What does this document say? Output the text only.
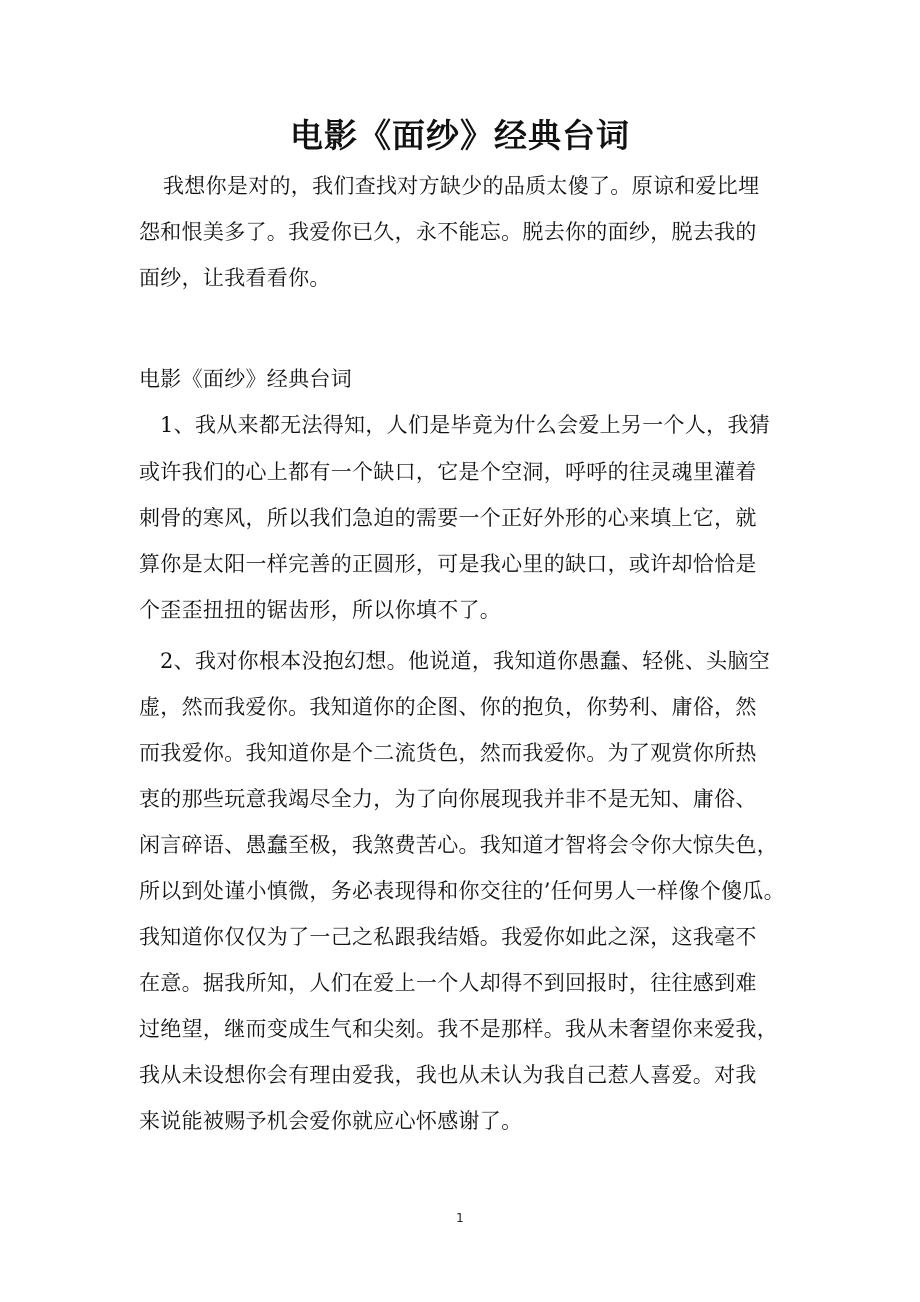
电影《面纱》经典台词
我想你是对的，我们查找对方缺少的品质太傻了。原谅和爱比埋
怨和恨美多了。我爱你已久，永不能忘。脱去你的面纱，脱去我的
面纱，让我看看你。
电影《面纱》经典台词
1、我从来都无法得知，人们是毕竟为什么会爱上另一个人，我猜
或许我们的心上都有一个缺口，它是个空洞，呼呼的往灵魂里灌着
刺骨的寒风，所以我们急迫的需要一个正好外形的心来填上它，就
算你是太阳一样完善的正圆形，可是我心里的缺口，或许却恰恰是
个歪歪扭扭的锯齿形，所以你填不了。
2、我对你根本没抱幻想。他说道，我知道你愚蠢、轻佻、头脑空
虚，然而我爱你。我知道你的企图、你的抱负，你势利、庸俗，然
而我爱你。我知道你是个二流货色，然而我爱你。为了观赏你所热
衷的那些玩意我竭尽全力，为了向你展现我并非不是无知、庸俗、
闲言碎语、愚蠢至极，我煞费苦心。我知道才智将会令你大惊失色，
所以到处谨小慎微，务必表现得和你交往的’任何男人一样像个傻瓜。
我知道你仅仅为了一己之私跟我结婚。我爱你如此之深，这我毫不
在意。据我所知，人们在爱上一个人却得不到回报时，往往感到难
过绝望，继而变成生气和尖刻。我不是那样。我从未奢望你来爱我，
我从未设想你会有理由爱我，我也从未认为我自己惹人喜爱。对我
来说能被赐予机会爱你就应心怀感谢了。
1
